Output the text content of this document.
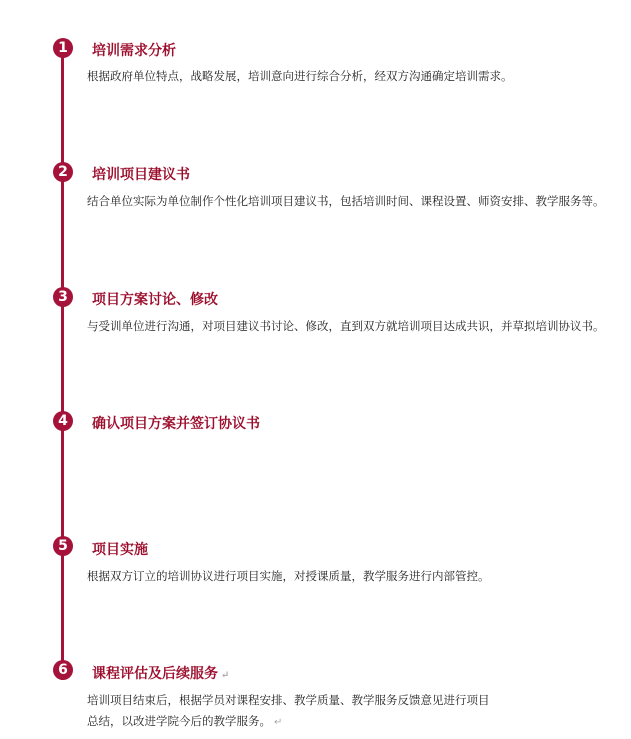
1	培训需求分析
根据政府单位特点，战略发展，培训意向进行综合分析，经双方沟通确定培训需求。
2	培训项目建议书
结合单位实际为单位制作个性化培训项目建议书，包括培训时间、课程设置、师资安排、教学服务等。
3	项目方案讨论、修改
与受训单位进行沟通，对项目建议书讨论、修改，直到双方就培训项目达成共识，并草拟培训协议书。
4	确认项目方案并签订协议书
5	项目实施
根据双方订立的培训协议进行项目实施，对授课质量，教学服务进行内部管控。
6	课程评估及后续服务 ↵
培训项目结束后，根据学员对课程安排、教学质量、教学服务反馈意见进行项目总结，以改进学院今后的教学服务。 ↵
